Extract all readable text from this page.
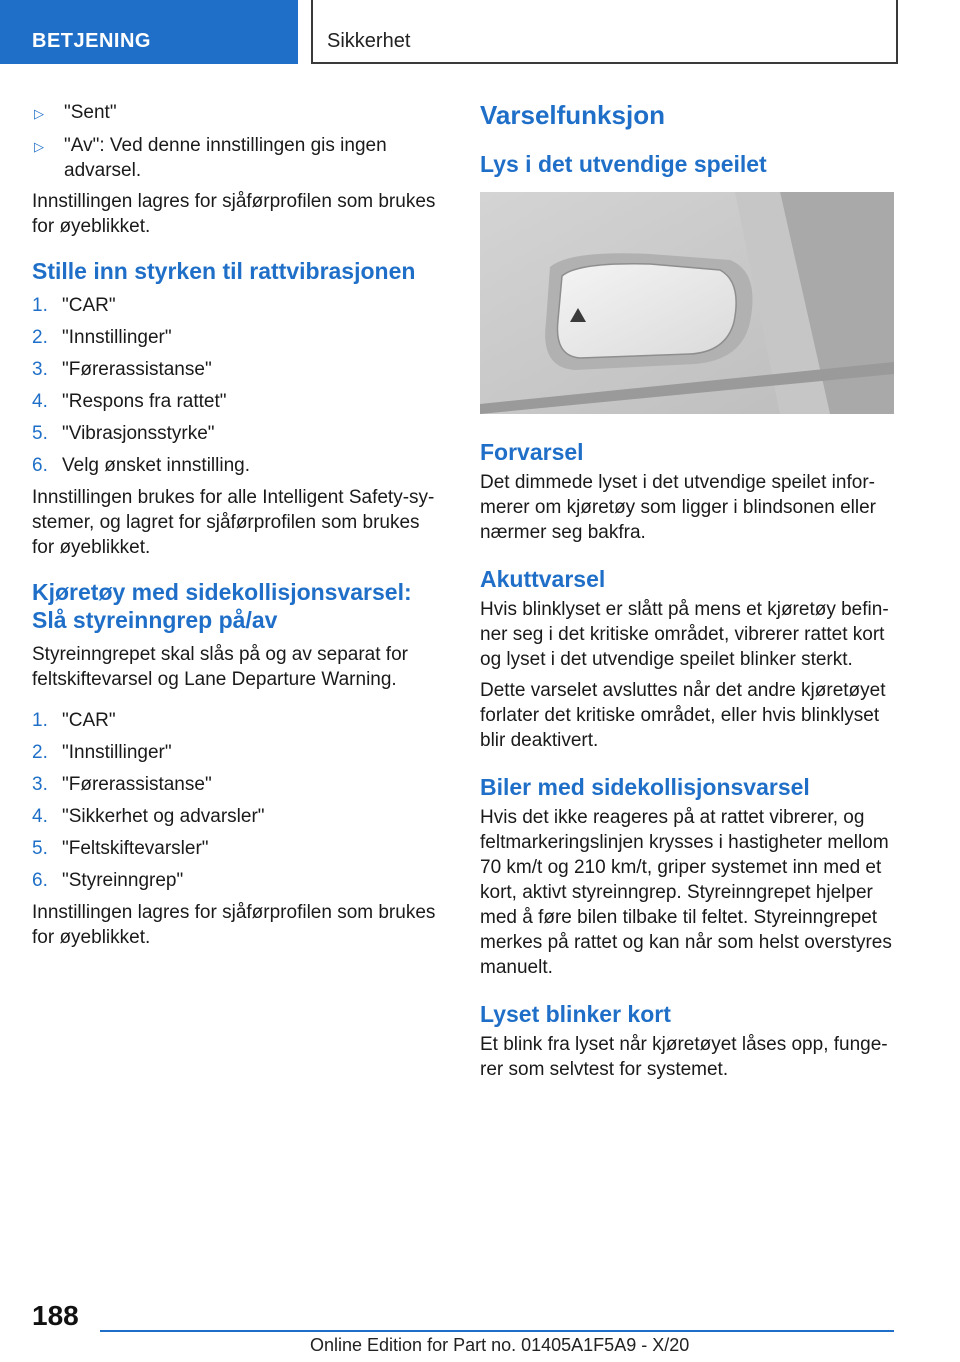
BETJENING	Sikkerhet
▷	"Sent"
▷	"Av": Ved denne innstillingen gis ingen advarsel.

Innstillingen lagres for sjåførprofilen som brukes for øyeblikket.

Stille inn styrken til rattvibrasjonen
1. "CAR"
2. "Innstillinger"
3. "Førerassistanse"
4. "Respons fra rattet"
5. "Vibrasjonsstyrke"
6. Velg ønsket innstilling.

Innstillingen brukes for alle Intelligent Safety-systemer, og lagret for sjåførprofilen som brukes for øyeblikket.

Kjøretøy med sidekollisjonsvarsel: Slå styreinngrep på/av

Styreinngrepet skal slås på og av separat for feltskiftevarsel og Lane Departure Warning.

1. "CAR"
2. "Innstillinger"
3. "Førerassistanse"
4. "Sikkerhet og advarsler"
5. "Feltskiftevarsler"
6. "Styreinngrep"

Innstillingen lagres for sjåførprofilen som brukes for øyeblikket.

Varselfunksjon
Lys i det utvendige speilet
Forvarsel

Det dimmede lyset i det utvendige speilet informerer om kjøretøy som ligger i blindsonen eller nærmer seg bakfra.

Akuttvarsel

Hvis blinklyset er slått på mens et kjøretøy befinner seg i det kritiske området, vibrerer rattet kort og lyset i det utvendige speilet blinker sterkt.

Dette varselet avsluttes når det andre kjøretøyet forlater det kritiske området, eller hvis blinklyset blir deaktivert.

Biler med sidekollisjonsvarsel

Hvis det ikke reageres på at rattet vibrerer, og feltmarkeringslinjen krysses i hastigheter mellom 70 km/t og 210 km/t, griper systemet inn med et kort, aktivt styreinngrep. Styreinngrepet hjelper med å føre bilen tilbake til feltet. Styreinngrepet merkes på rattet og kan når som helst overstyres manuelt.

Lyset blinker kort

Et blink fra lyset når kjøretøyet låses opp, fungerer som selvtest for systemet.

188
Online Edition for Part no. 01405A1F5A9 - X/20
